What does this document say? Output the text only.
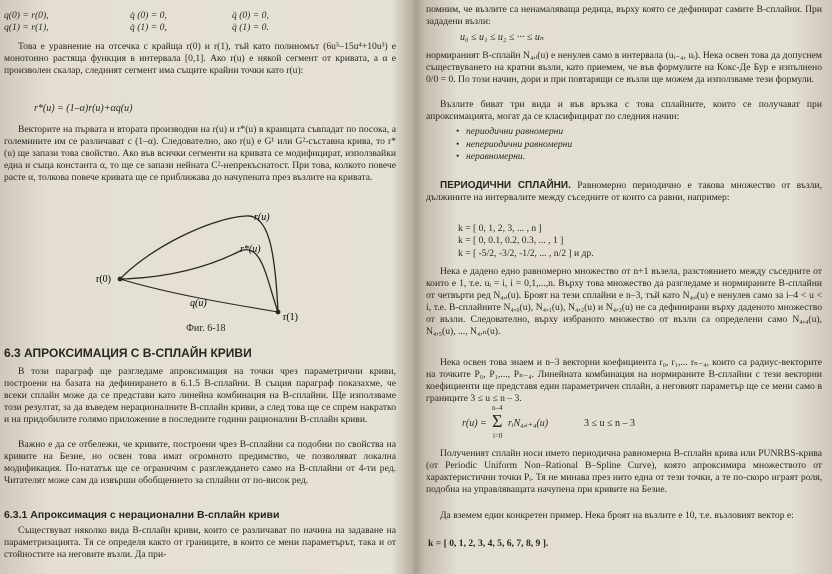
q(0) = r(0),	q̇ (0) = 0,	q̈ (0) = 0,
q(1) = r(1),	q̇ (1) = 0,	q̈ (1) = 0.

Това е уравнение на отсечка с крайща r(0) и r(1), тъй като полиномът (6u⁵–15u⁴+10u³) е монотонно растяща функция в интервала [0,1]. Ако r(u) е някой сегмент от кривата, а α е произволен скалар, следният сегмент има същите крайни точки като r(u):

r*(u) = (1–α)r(u)+αq(u)

Векторите на първата и втората производни на r(u) и r*(u) в краищата съвпадат по посока, а големините им се различават с (1–α). Следователно, ако r(u) е G¹ или G²-съставна крива, то r*(u) ще запази това свойство. Ако във всички сегменти на кривата се модифицират, използвайки една и съща константа α, то ще се запази нейната C²-непрекъснатост. При това, колкото повече расте α, толкова повече кривата ще се приближава до начупената през възлите на кривата.

r(u)
r*(u)
q(u)
r(0)
r(1)
Фиг. 6-18
6.3 АПРОКСИМАЦИЯ С В-СПЛАЙН КРИВИ

В този параграф ще разгледаме апроксимация на точки чрез параметрични криви, построени на базата на дефинирането в 6.1.5 В-сплайни. В същия параграф показахме, че всеки сплайн може да се представи като линейна комбинация на В-сплайни. Ще използваме този резултат, за да въведем нерационалните В-сплайн криви, а след това ще се спрем накратко и на придобилите голямо приложение в последните години рационални В-сплайн криви.

Важно е да се отбележи, че кривите, построени чрез В-сплайни са подобни по свойства на кривите на Безие, но освен това имат огромното предимство, че позволяват локална модификация. По-нататък ще се ограничим с разглеждането само на В-сплайни от 4-ти ред. Читателят може сам да извърши обобщението за сплайни от по-висок ред.

6.3.1 Апроксимация с нерационални В-сплайн криви

Съществуват няколко вида В-сплайн криви, които се различават по начина на задаване на параметризацията. Тя се определя както от границите, в които се мени параметърът, така и от стойностите на неговите възли. Да при-

помним, че възлите са ненамаляваща редица, върху която се дефинират самите В-сплайни. При зададени възли:

u₀ ≤ u₁ ≤ u₂ ≤ ··· ≤ uₙ

нормираният В-сплайн N₄,ᵢ(u) е ненулев само в интервала (uᵢ₋₄, uᵢ). Нека освен това да допуснем съществуването на кратни възли, като приемем, че във формулите на Кокс-Де Бур е изпълнено 0/0 = 0. По този начин, дори и при повтарящи се възли ще можем да използваме тези формули.

Възлите биват три вида и във връзка с това сплайните, които се получават при апроксимацията, могат да се класифицират по следния начин:

• периодични равномерни
• непериодични равномерни
• неравномерни.

ПЕРИОДИЧНИ СПЛАЙНИ. Равномерно периодично е такова множество от възли, дължините на интервалите между съседните от които са равни, например:

k = [ 0, 1, 2, 3, ... , n ]
k = [ 0, 0.1, 0.2, 0.3, ... , 1 ]
k = [ -5/2, -3/2, -1/2, ... , n/2 ] и др.

Нека е дадено едно равномерно множество от n+1 възела, разстоянието между съседните от които е 1, т.е. uᵢ = i, i = 0,1,...,n. Върху това множество да разгледаме и нормираните В-сплайни от четвърти ред N₄,ᵢ(u). Броят на тези сплайни е n–3, тъй като N₄,ᵢ(u) е ненулев само за i–4 < u < i, т.е. В-сплайните N₄,₀(u), N₄,₁(u), N₄,₂(u) и N₄,₃(u) не са дефинирани върху даденото множество от възли. Следователно, върху избраното множество от възли са определени само N₄,₄(u), N₄,₅(u), ..., N₄,ₙ(u).

Нека освен това знаем и n–3 векторни коефициента r₀, r₁,... rₙ₋₄, които са радиус-векторите на точките P₀, P₁,..., Pₙ₋₄. Линейната комбинация на нормираните В-сплайни с тези векторни коефициенти ще представя един параметричен сплайн, а неговият параметър ще се мени само в границите 3 ≤ u ≤ n – 3.

r(u) =
n–4
Σ
i=0
rᵢN₄,ᵢ₊₄(u)	3 ≤ u ≤ n – 3

Полученият сплайн носи името периодична равномерна В-сплайн крива или PUNRBS-крива (от Periodic Uniform Non–Rational B–Spline Curve), която апроксимира множеството от характеристични точки Pᵢ. Тя не минава през нито една от тези точки, а те по-скоро играят роля, подобна на управляващата начупена при кривите на Безие.

Да вземем един конкретен пример. Нека броят на възлите е 10, т.е. възловият вектор е:

k = [ 0, 1, 2, 3, 4, 5, 6, 7, 8, 9 ].
